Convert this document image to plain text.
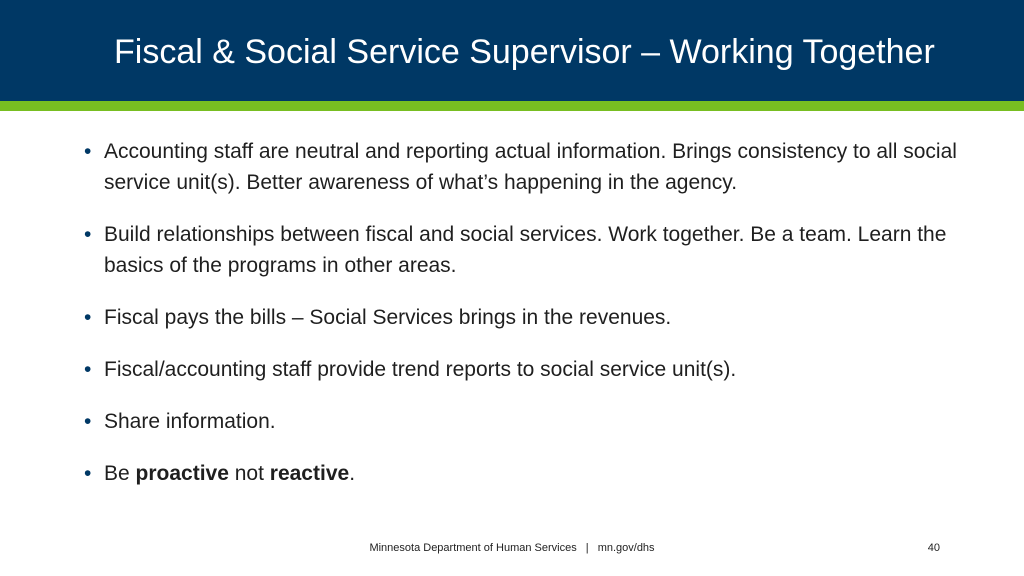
Fiscal & Social Service Supervisor – Working Together
• Accounting staff are neutral and reporting actual information. Brings consistency to all social service unit(s). Better awareness of what’s happening in the agency.
• Build relationships between fiscal and social services. Work together. Be a team. Learn the basics of the programs in other areas.
• Fiscal pays the bills – Social Services brings in the revenues.
• Fiscal/accounting staff provide trend reports to social service unit(s).
• Share information.
• Be proactive not reactive.
Minnesota Department of Human Services | mn.gov/dhs	40
